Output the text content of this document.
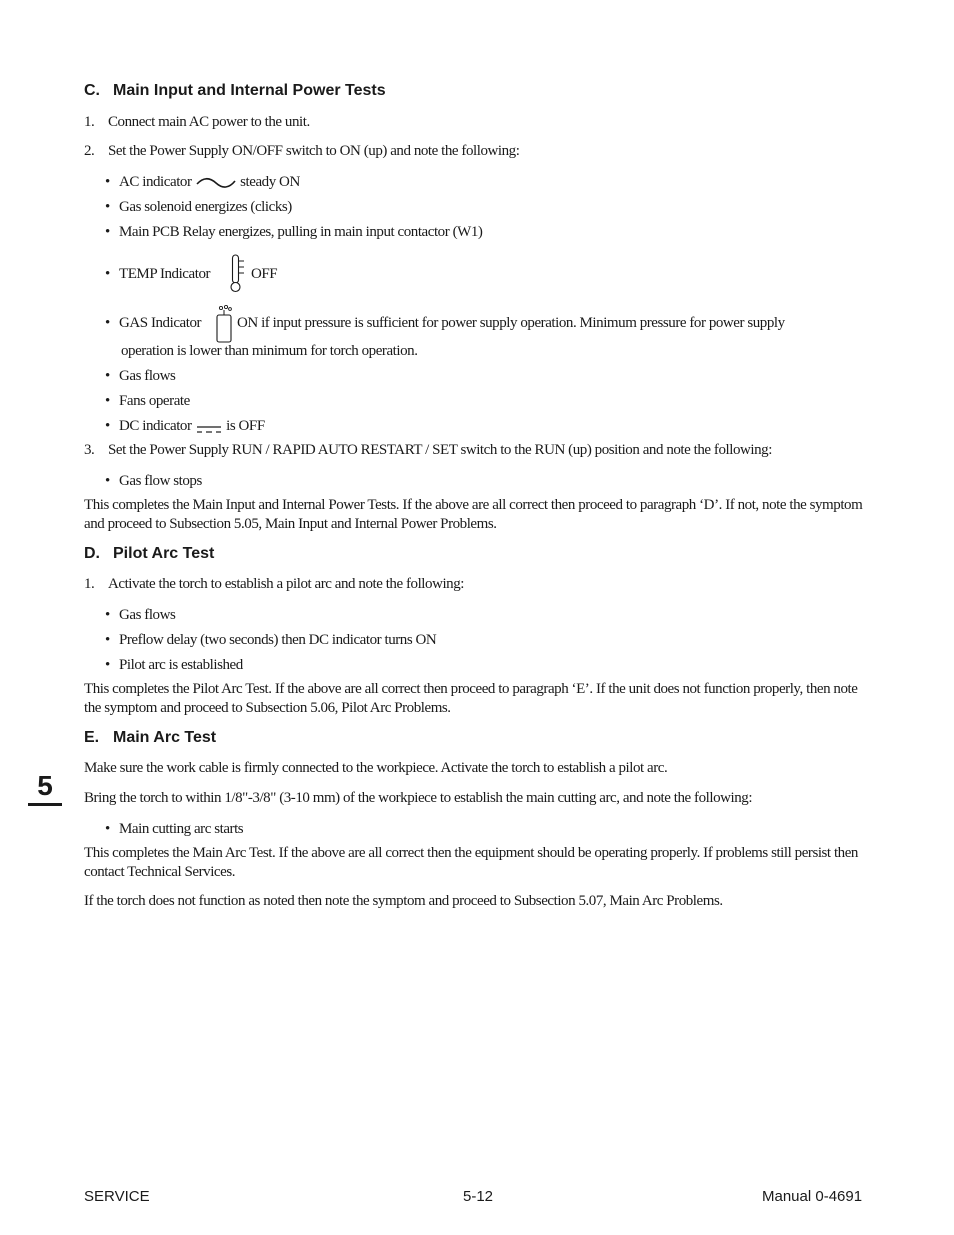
C. Main Input and Internal Power Tests
1. Connect main AC power to the unit.
2. Set the Power Supply ON/OFF switch to ON (up) and note the following:
• AC indicator	steady ON
• Gas solenoid energizes (clicks)
• Main PCB Relay energizes, pulling in main input contactor (W1)
• TEMP Indicator	OFF
• GAS Indicator ON if input pressure is sufficient for power supply operation. Minimum pressure for power supply
operation is lower than minimum for torch operation.
• Gas flows
• Fans operate
• DC indicator is OFF
3. Set the Power Supply RUN / RAPID AUTO RESTART / SET switch to the RUN (up) position and note the following:
• Gas flow stops
This completes the Main Input and Internal Power Tests. If the above are all correct then proceed to paragraph ‘D’. If not, note the symptom and proceed to Subsection 5.05, Main Input and Internal Power Problems.
D. Pilot Arc Test
1. Activate the torch to establish a pilot arc and note the following:
• Gas flows
• Preflow delay (two seconds) then DC indicator turns ON
• Pilot arc is established
This completes the Pilot Arc Test. If the above are all correct then proceed to paragraph ‘E’. If the unit does not function properly, then note the symptom and proceed to Subsection 5.06, Pilot Arc Problems.
E. Main Arc Test
Make sure the work cable is firmly connected to the workpiece. Activate the torch to establish a pilot arc.
Bring the torch to within 1/8"-3/8" (3-10 mm) of the workpiece to establish the main cutting arc, and note the following:
• Main cutting arc starts
This completes the Main Arc Test. If the above are all correct then the equipment should be operating properly. If problems still persist then contact Technical Services.
If the torch does not function as noted then note the symptom and proceed to Subsection 5.07, Main Arc Problems.
5
SERVICE	5-12	Manual 0-4691
